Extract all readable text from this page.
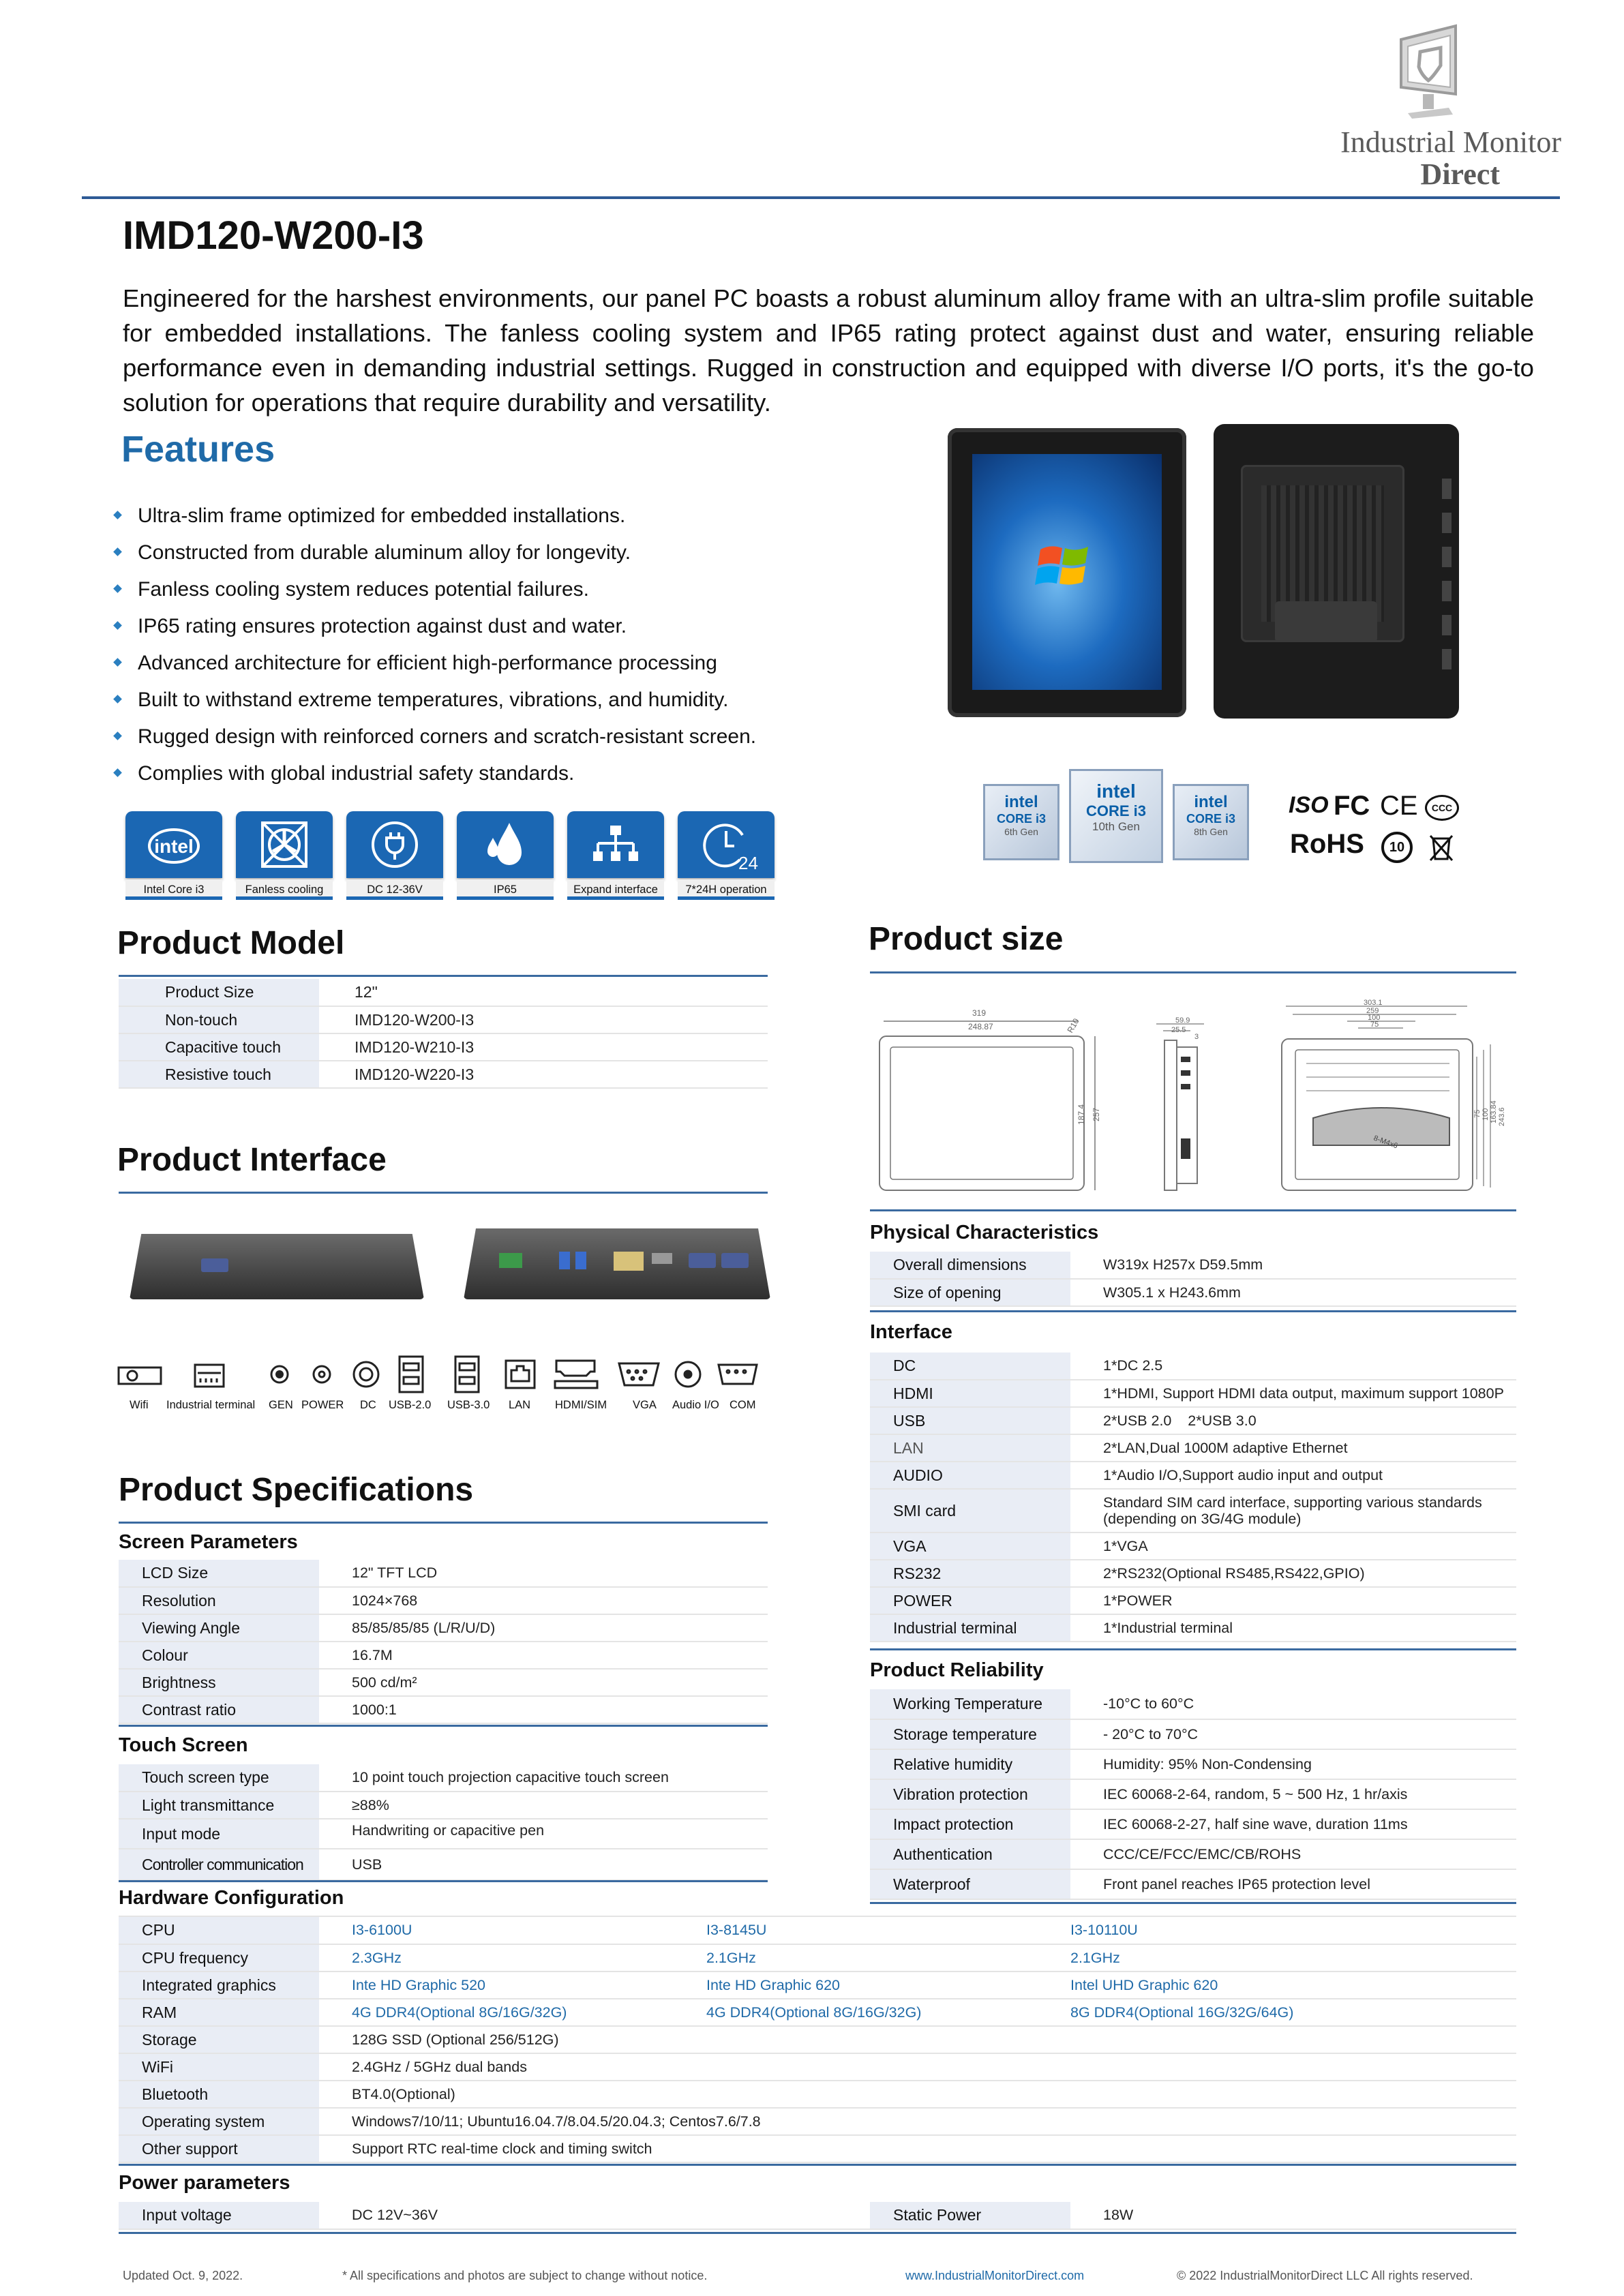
Industrial Monitor
Direct
IMD120-W200-I3
Engineered for the harshest environments, our panel PC boasts a robust aluminum alloy frame with an ultra-slim profile suitable for embedded installations. The fanless cooling system and IP65 rating protect against dust and water, ensuring reliable performance even in demanding industrial settings. Rugged in construction and equipped with diverse I/O ports, it's the go-to solution for operations that require durability and versatility.
Features
Ultra-slim frame optimized for embedded installations.
Constructed from durable aluminum alloy for longevity.
Fanless cooling system reduces potential failures.
IP65 rating ensures protection against dust and water.
Advanced architecture for efficient high-performance processing
Built to withstand extreme temperatures, vibrations, and humidity.
Rugged design with reinforced corners and scratch-resistant screen.
Complies with global industrial safety standards.
intel
Intel Core i3	Fanless cooling	DC 12-36V	IP65	Expand interface
24
7*24H operation
intel
CORE i3
6th Gen
intel
CORE i3
10th Gen
intel
CORE i3
8th Gen
ISO FC CE	CCC
RoHS	10
Product Model
Product Size	12"
Non-touch	IMD120-W200-I3
Capacitive touch	IMD120-W210-I3
Resistive touch	IMD120-W220-I3
Product Interface
Wifi Industrial terminal GEN POWER DC USB-2.0 USB-3.0 LAN HDMI/SIM VGA Audio I/O COM
Product size
319
248.87	R10
187.4 257
59.9
25.5
3
303.1
259
100
75
75 100 163.84 243.6
8-M4x6
Physical Characteristics
Overall dimensions	W319x H257x D59.5mm
Size of opening	W305.1 x H243.6mm
Interface
DC	1*DC 2.5
HDMI	1*HDMI, Support HDMI data output, maximum support 1080P
USB	2*USB 2.0    2*USB 3.0
LAN	2*LAN,Dual 1000M adaptive Ethernet
AUDIO	1*Audio I/O,Support audio input and output
SMI card	Standard SIM card interface, supporting various standards (depending on 3G/4G module)
VGA	1*VGA
RS232	2*RS232(Optional RS485,RS422,GPIO)
POWER	1*POWER
Industrial terminal	1*Industrial terminal
Product Reliability
Working Temperature	-10°C to 60°C
Storage temperature	- 20°C to 70°C
Relative humidity	Humidity: 95% Non-Condensing
Vibration protection	IEC 60068-2-64, random, 5 ~ 500 Hz, 1 hr/axis
Impact protection	IEC 60068-2-27, half sine wave, duration 11ms
Authentication	CCC/CE/FCC/EMC/CB/ROHS
Waterproof	Front panel reaches IP65 protection level
Product Specifications
Screen Parameters
LCD Size	12" TFT LCD
Resolution	1024×768
Viewing Angle	85/85/85/85 (L/R/U/D)
Colour	16.7M
Brightness	500 cd/m²
Contrast ratio	1000:1
Touch Screen
Touch screen type	10 point touch projection capacitive touch screen
Light transmittance	≥88%
Input mode	Handwriting or capacitive pen
Controller communication	USB
Hardware Configuration
CPU	I3-6100U	I3-8145U	I3-10110U
CPU frequency	2.3GHz	2.1GHz	2.1GHz
Integrated graphics	Inte HD Graphic 520	Inte HD Graphic 620	Intel UHD Graphic 620
RAM	4G DDR4(Optional 8G/16G/32G)	4G DDR4(Optional 8G/16G/32G)	8G DDR4(Optional 16G/32G/64G)
Storage	128G SSD (Optional 256/512G)		
WiFi	2.4GHz / 5GHz dual bands		
Bluetooth	BT4.0(Optional)		
Operating system	Windows7/10/11; Ubuntu16.04.7/8.04.5/20.04.3; Centos7.6/7.8		
Other support	Support RTC real-time clock and timing switch		
Power parameters
Input voltage	DC 12V~36V	Static Power	18W
Updated Oct. 9, 2022.	* All specifications and photos are subject to change without notice.	www.IndustrialMonitorDirect.com	© 2022 IndustrialMonitorDirect LLC All rights reserved.
